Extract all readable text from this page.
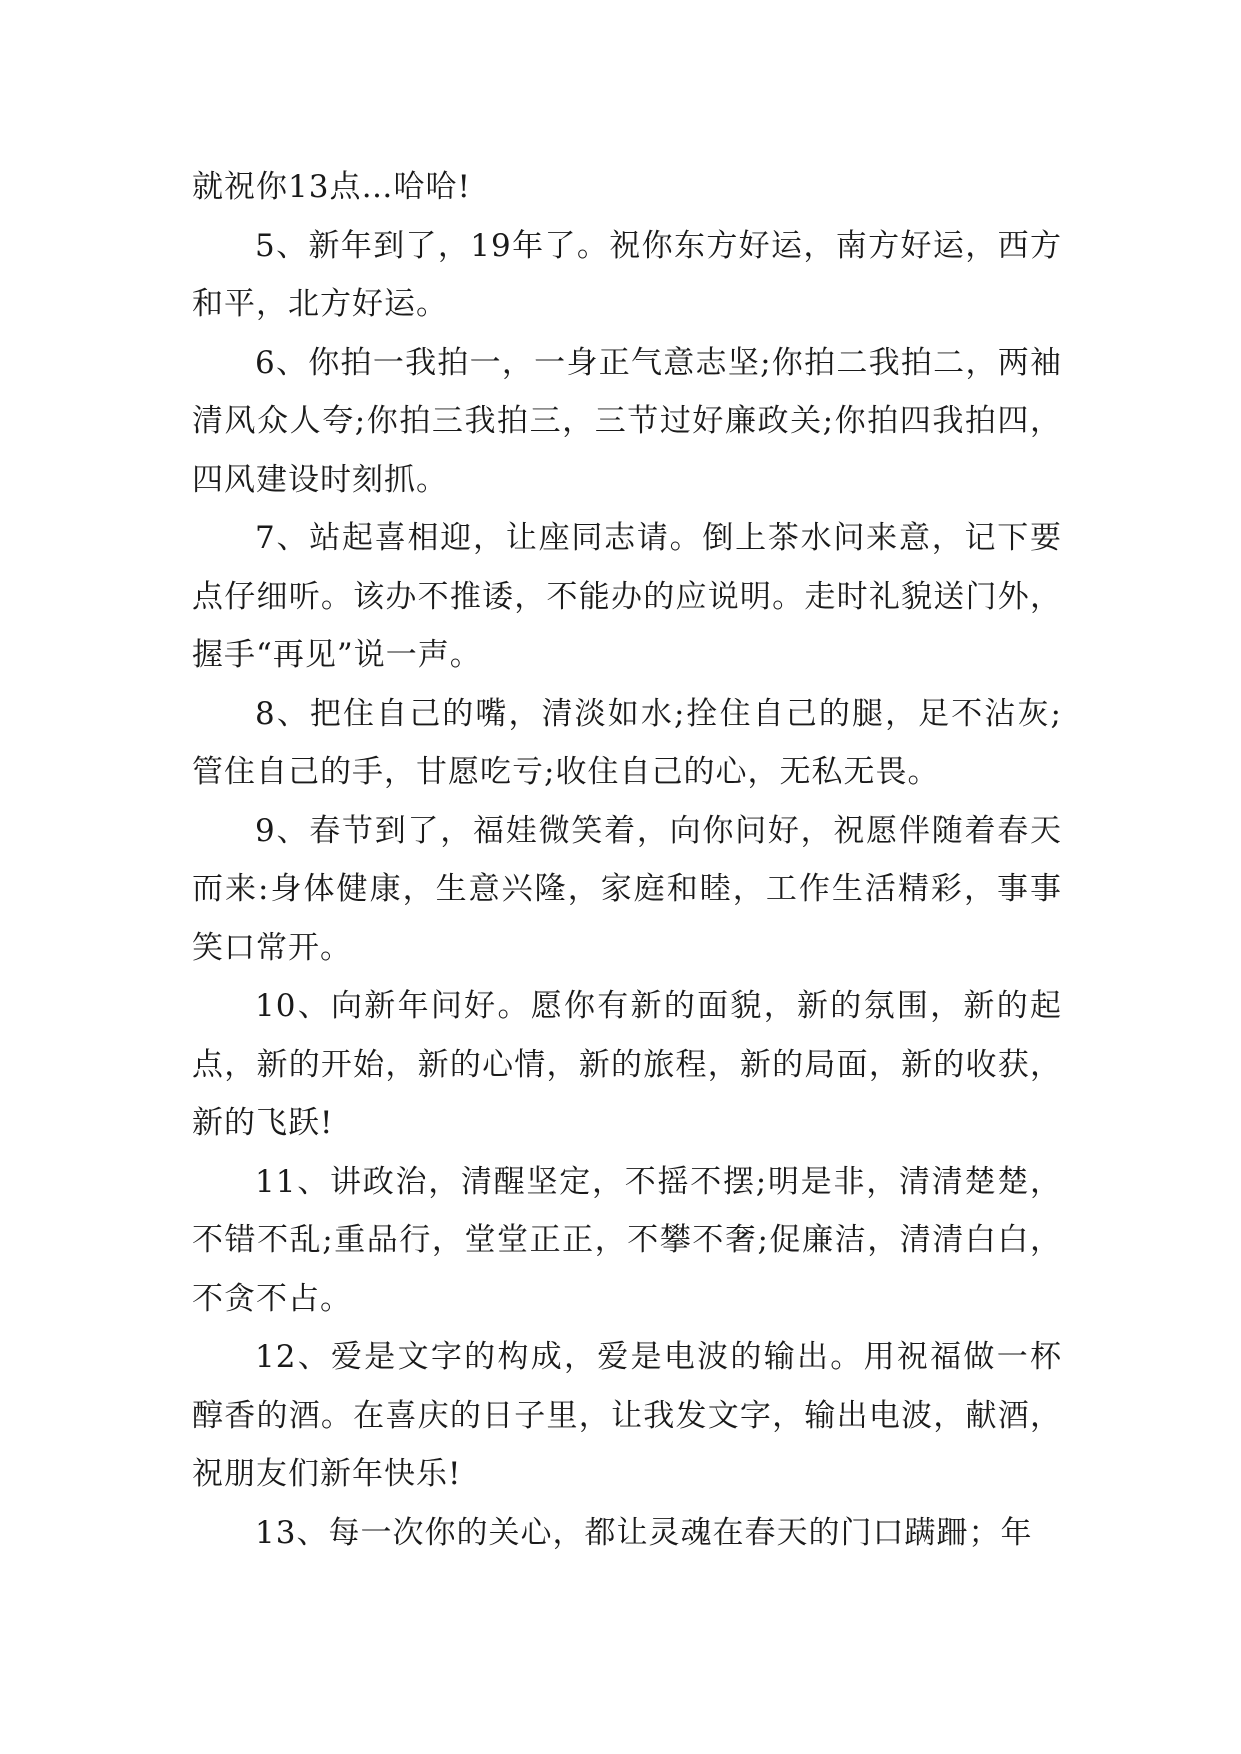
就祝你13点…哈哈!

5、新年到了，19年了。祝你东方好运，南方好运，西方和平，北方好运。

6、你拍一我拍一，一身正气意志坚;你拍二我拍二，两袖清风众人夸;你拍三我拍三，三节过好廉政关;你拍四我拍四，四风建设时刻抓。

7、站起喜相迎，让座同志请。倒上茶水问来意，记下要点仔细听。该办不推诿，不能办的应说明。走时礼貌送门外，握手“再见”说一声。

8、把住自己的嘴，清淡如水;拴住自己的腿，足不沾灰;管住自己的手，甘愿吃亏;收住自己的心，无私无畏。

9、春节到了，福娃微笑着，向你问好，祝愿伴随着春天而来:身体健康，生意兴隆，家庭和睦，工作生活精彩，事事笑口常开。

10、向新年问好。愿你有新的面貌，新的氛围，新的起点，新的开始，新的心情，新的旅程，新的局面，新的收获，新的飞跃!

11、讲政治，清醒坚定，不摇不摆;明是非，清清楚楚，不错不乱;重品行，堂堂正正，不攀不奢;促廉洁，清清白白，不贪不占。

12、爱是文字的构成，爱是电波的输出。用祝福做一杯醇香的酒。在喜庆的日子里，让我发文字，输出电波，献酒，祝朋友们新年快乐!

13、每一次你的关心，都让灵魂在春天的门口蹒跚；年
